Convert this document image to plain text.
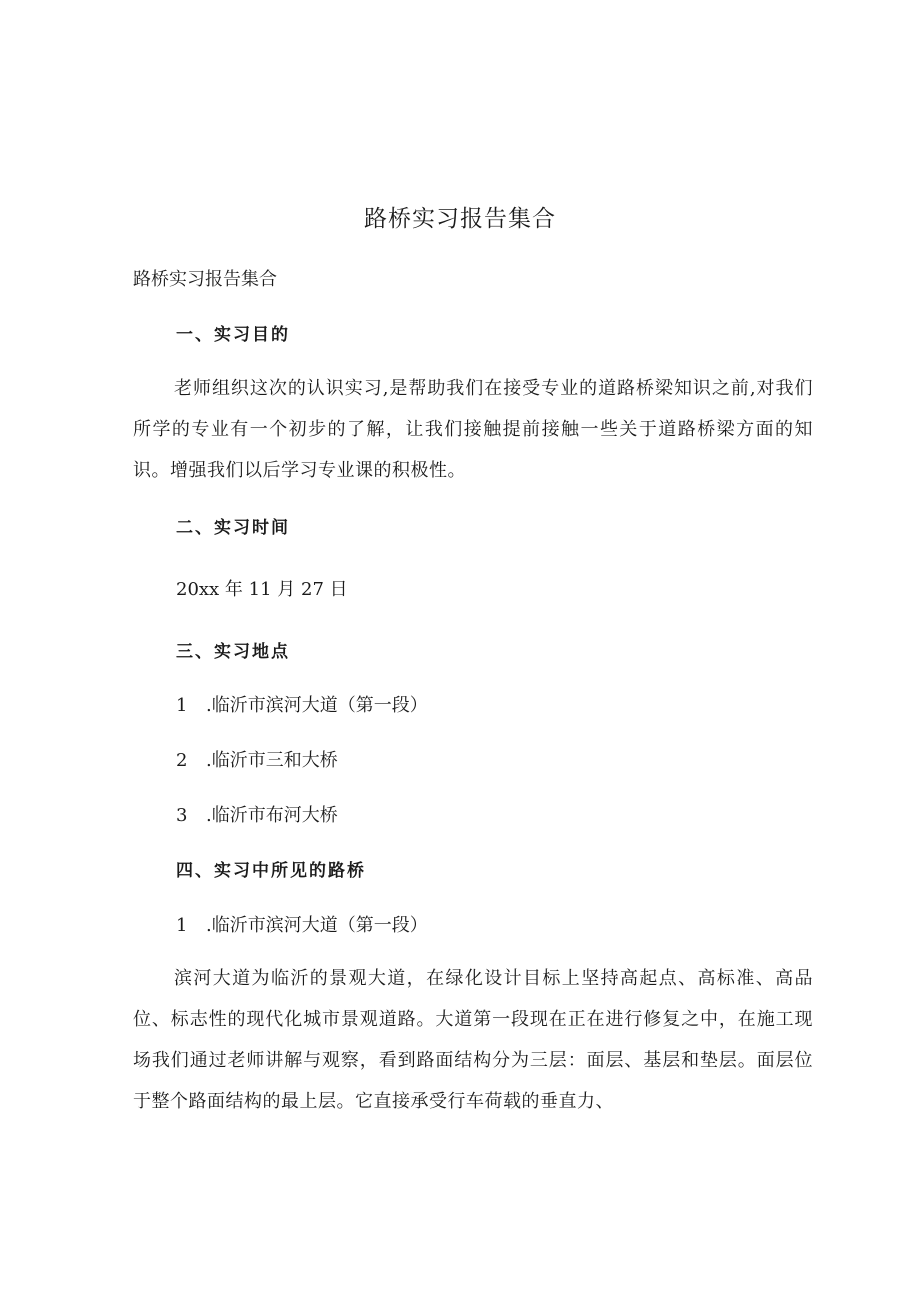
路桥实习报告集合
路桥实习报告集合
一、实习目的
老师组织这次的认识实习,是帮助我们在接受专业的道路桥梁知识之前,对我们所学的专业有一个初步的了解，让我们接触提前接触一些关于道路桥梁方面的知识。增强我们以后学习专业课的积极性。
二、实习时间
20xx 年 11 月 27 日
三、实习地点
1 .临沂市滨河大道（第一段）
2 .临沂市三和大桥
3 .临沂市布河大桥
四、实习中所见的路桥
1 .临沂市滨河大道（第一段）
滨河大道为临沂的景观大道，在绿化设计目标上坚持高起点、高标准、高品位、标志性的现代化城市景观道路。大道第一段现在正在进行修复之中，在施工现场我们通过老师讲解与观察，看到路面结构分为三层：面层、基层和垫层。面层位于整个路面结构的最上层。它直接承受行车荷载的垂直力、
